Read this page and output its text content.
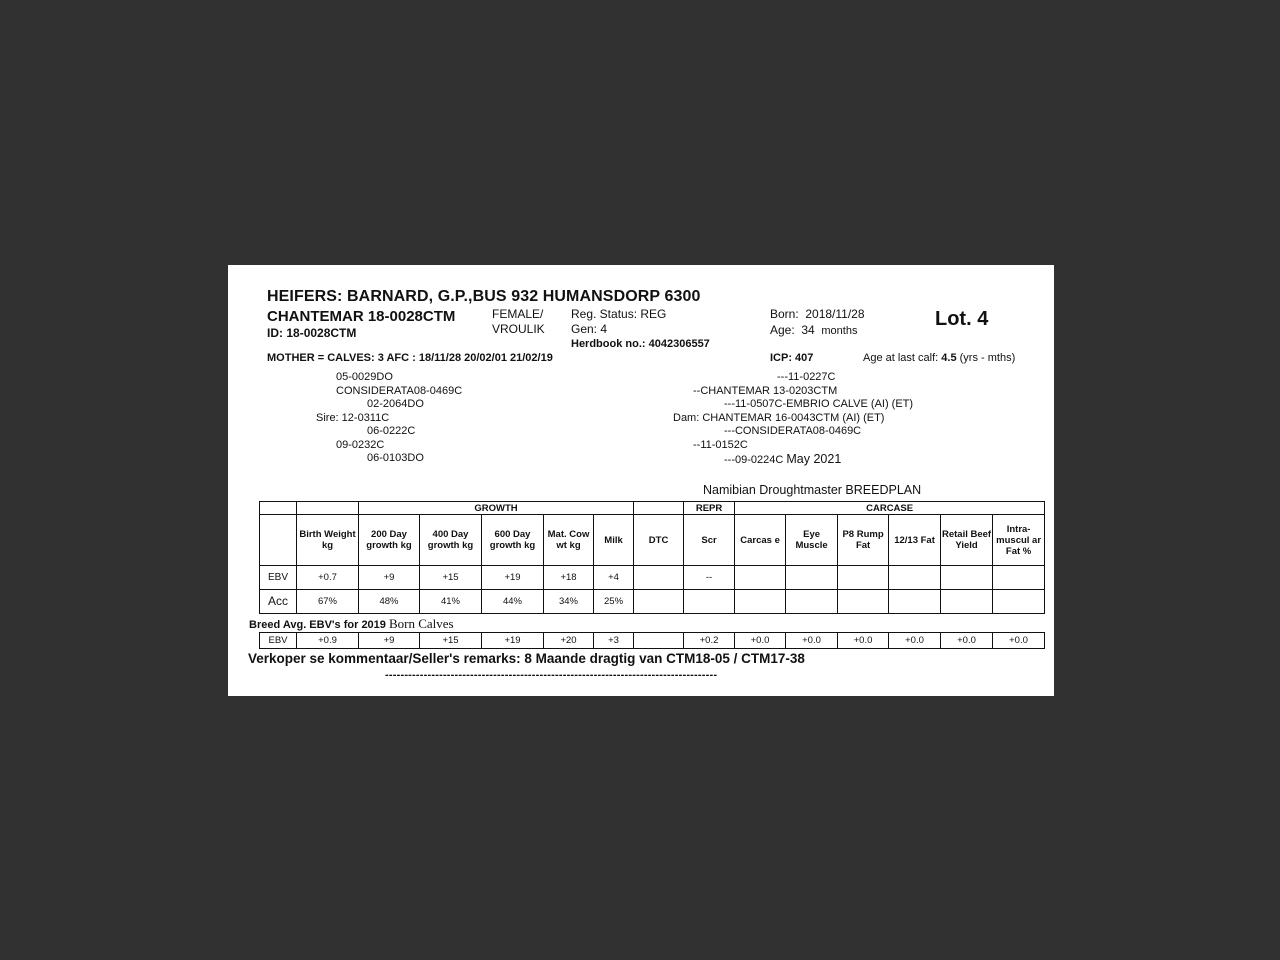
HEIFERS: BARNARD, G.P.,BUS 932 HUMANSDORP 6300
CHANTEMAR 18-0028CTM
ID: 18-0028CTM
FEMALE/
VROULIK
Reg. Status: REG
Gen: 4
Herdbook no.: 4042306557
Born: 2018/11/28
Age: 34 months
Lot. 4
MOTHER = CALVES: 3 AFC : 18/11/28 20/02/01 21/02/19	ICP: 407	Age at last calf: 4.5 (yrs - mths)
05-0029DO
CONSIDERATA08-0469C
02-2064DO
Sire: 12-0311C
06-0222C
09-0232C
06-0103DO
---11-0227C
--CHANTEMAR 13-0203CTM
---11-0507C-EMBRIO CALVE (AI) (ET)
Dam: CHANTEMAR 16-0043CTM (AI) (ET)
---CONSIDERATA08-0469C
--11-0152C
---09-0224C May 2021
Namibian Droughtmaster BREEDPLAN
		GROWTH						REPR	CARCASE					
	Birth Weight kg	200 Day growth kg	400 Day growth kg	600 Day growth kg	Mat. Cow wt kg	Milk	DTC	Scr	Carcas e	Eye Muscle	P8 Rump Fat	12/13 Fat	Retail Beef Yield	Intra- muscul ar Fat %
EBV	+0.7	+9	+15	+19	+18	+4		--						
Acc	67%	48%	41%	44%	34%	25%								
Breed Avg. EBV's for 2019 Born Calves
EBV	+0.9	+9	+15	+19	+20	+3		+0.2	+0.0	+0.0	+0.0	+0.0	+0.0	+0.0
Verkoper se kommentaar/Seller's remarks: 8 Maande dragtig van CTM18-05 / CTM17-38
--------------------------------------------------------------------------------------
